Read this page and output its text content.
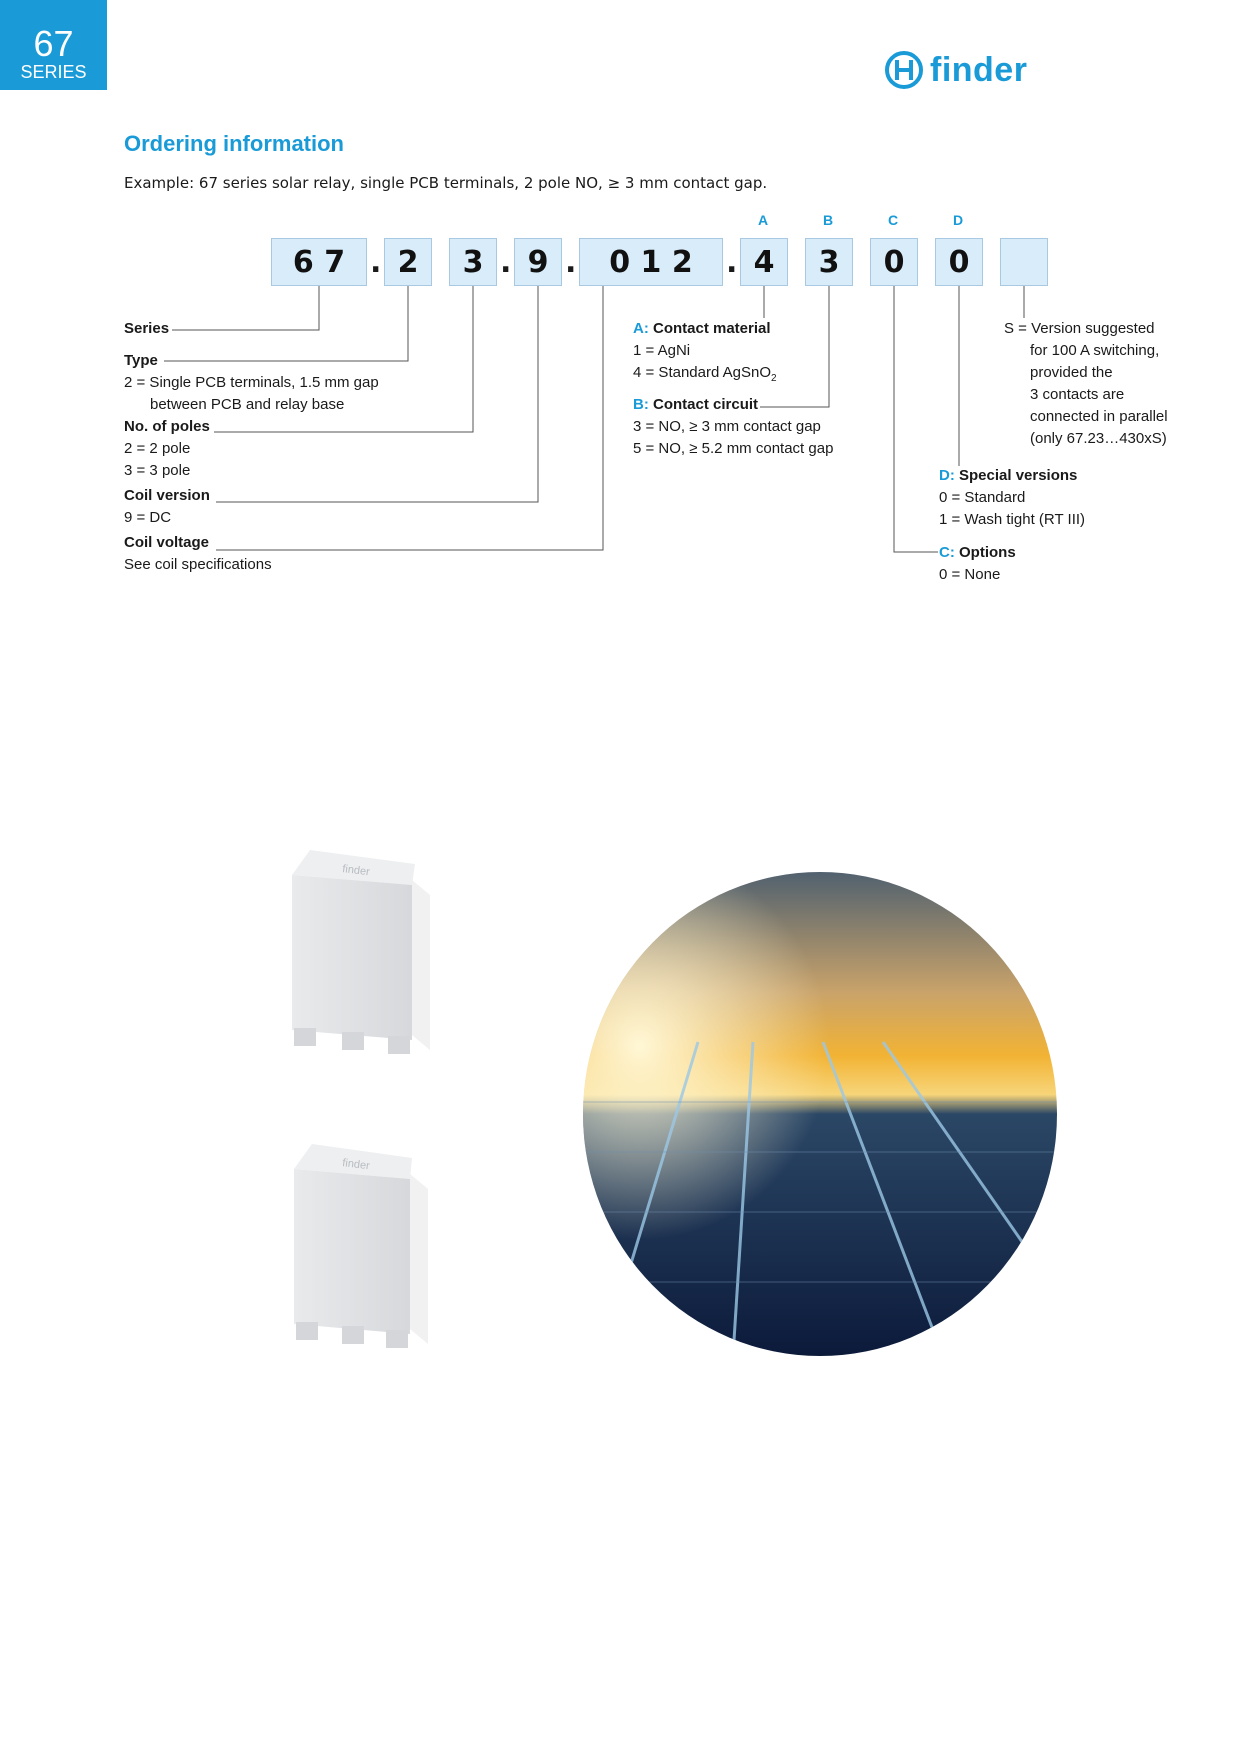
67
SERIES	finder
Ordering information
Example: 67 series solar relay, single PCB terminals, 2 pole NO, ≥ 3 mm contact gap.
A	B	C	D
6 7 . 2 3 . 9 . 0 1 2 . 4 3 0 0
Series
Type
2 = Single PCB terminals, 1.5 mm gap
between PCB and relay base
No. of poles
2 = 2 pole
3 = 3 pole
Coil version
9 = DC
Coil voltage
See coil specifications
A: Contact material
1 = AgNi
4 = Standard AgSnO$_2$
B: Contact circuit
3 = NO, ≥ 3 mm contact gap
5 = NO, ≥ 5.2 mm contact gap
S = Version suggested
for 100 A switching,
provided the
3 contacts are
connected in parallel
(only 67.23…430xS)
D: Special versions
0 = Standard
1 = Wash tight (RT III)
C: Options
0 = None
finder
finder
